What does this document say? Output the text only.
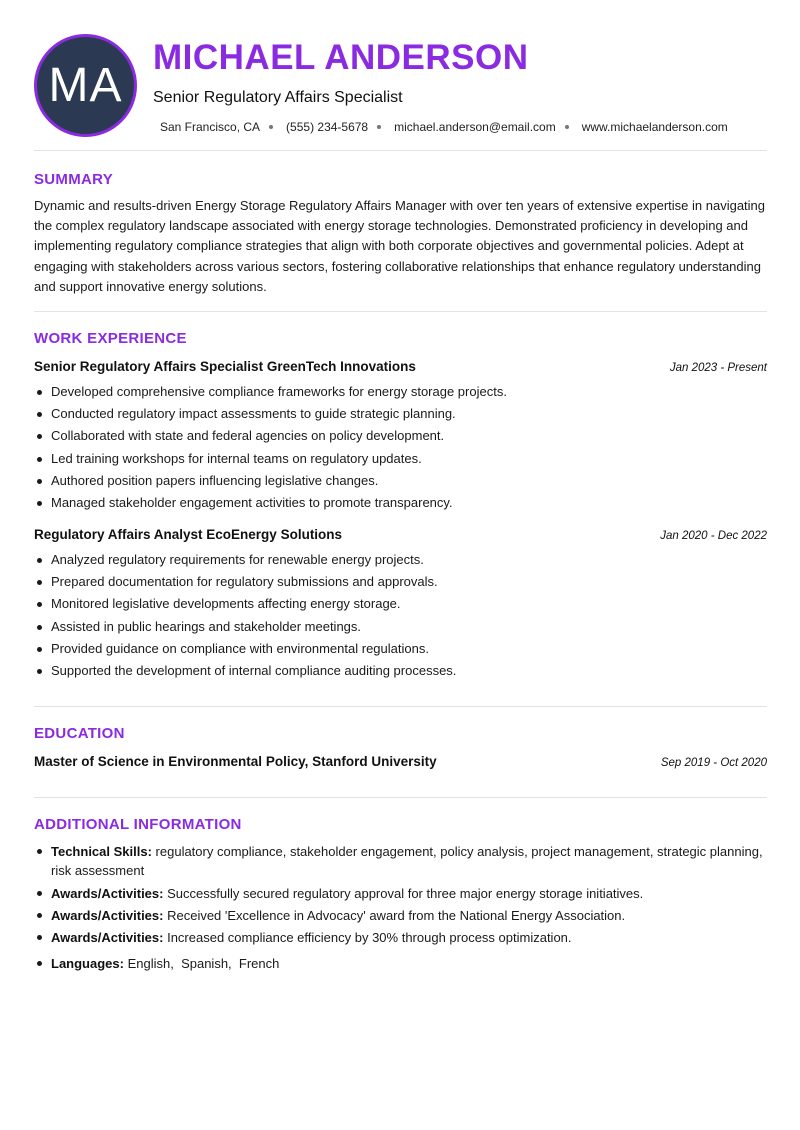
MA
MICHAEL ANDERSON
Senior Regulatory Affairs Specialist
San Francisco, CA (555) 234-5678 michael.anderson@email.com www.michaelanderson.com
SUMMARY

Dynamic and results-driven Energy Storage Regulatory Affairs Manager with over ten years of extensive expertise in navigating the complex regulatory landscape associated with energy storage technologies. Demonstrated proficiency in developing and implementing regulatory compliance strategies that align with both corporate objectives and governmental policies. Adept at engaging with stakeholders across various sectors, fostering collaborative relationships that enhance regulatory understanding and support innovative energy solutions.

WORK EXPERIENCE
Senior Regulatory Affairs Specialist GreenTech Innovations	Jan 2023 - Present
Developed comprehensive compliance frameworks for energy storage projects.
Conducted regulatory impact assessments to guide strategic planning.
Collaborated with state and federal agencies on policy development.
Led training workshops for internal teams on regulatory updates.
Authored position papers influencing legislative changes.
Managed stakeholder engagement activities to promote transparency.
Regulatory Affairs Analyst EcoEnergy Solutions	Jan 2020 - Dec 2022
Analyzed regulatory requirements for renewable energy projects.
Prepared documentation for regulatory submissions and approvals.
Monitored legislative developments affecting energy storage.
Assisted in public hearings and stakeholder meetings.
Provided guidance on compliance with environmental regulations.
Supported the development of internal compliance auditing processes.
EDUCATION
Master of Science in Environmental Policy, Stanford University	Sep 2019 - Oct 2020
ADDITIONAL INFORMATION
Technical Skills: regulatory compliance, stakeholder engagement, policy analysis, project management, strategic planning, risk assessment
Awards/Activities: Successfully secured regulatory approval for three major energy storage initiatives.
Awards/Activities: Received 'Excellence in Advocacy' award from the National Energy Association.
Awards/Activities: Increased compliance efficiency by 30% through process optimization.
Languages: English,  Spanish,  French
